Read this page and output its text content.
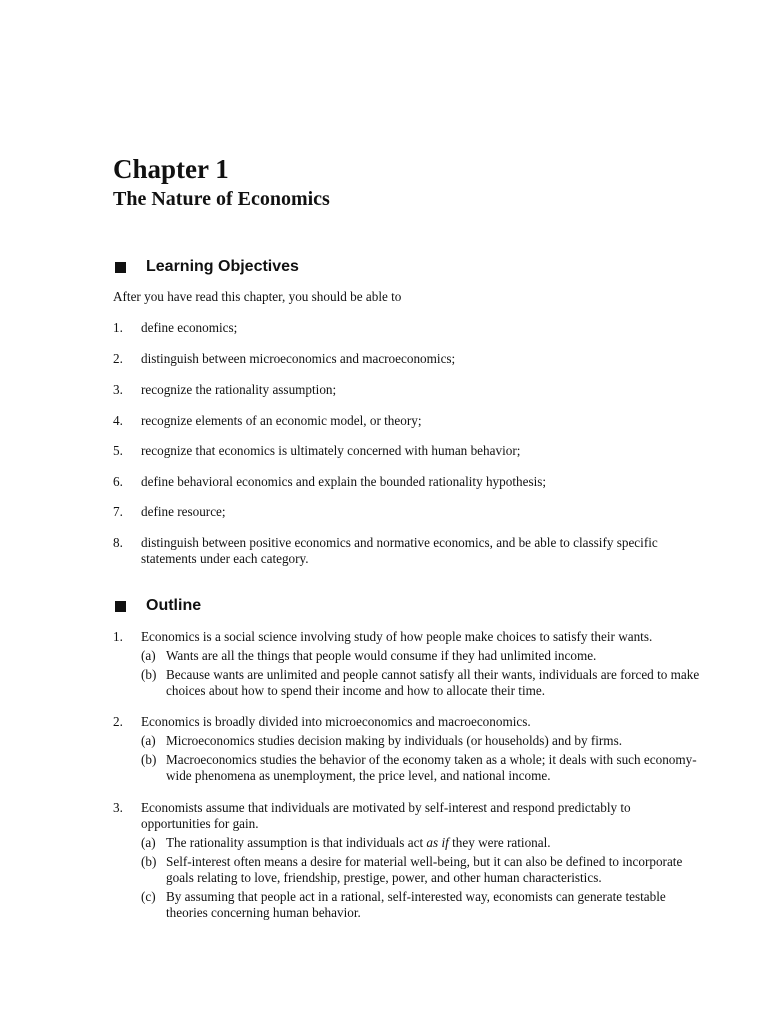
Chapter 1
The Nature of Economics
Learning Objectives

After you have read this chapter, you should be able to

1.	define economics;
2.	distinguish between microeconomics and macroeconomics;
3.	recognize the rationality assumption;
4.	recognize elements of an economic model, or theory;
5.	recognize that economics is ultimately concerned with human behavior;
6.	define behavioral economics and explain the bounded rationality hypothesis;
7.	define resource;
8.	distinguish between positive economics and normative economics, and be able to classify specific statements under each category.
Outline
1.	Economics is a social science involving study of how people make choices to satisfy their wants.
(a) Wants are all the things that people would consume if they had unlimited income.
(b) Because wants are unlimited and people cannot satisfy all their wants, individuals are forced to make choices about how to spend their income and how to allocate their time.
2.	Economics is broadly divided into microeconomics and macroeconomics.
(a) Microeconomics studies decision making by individuals (or households) and by firms.
(b) Macroeconomics studies the behavior of the economy taken as a whole; it deals with such economy-wide phenomena as unemployment, the price level, and national income.
3.	Economists assume that individuals are motivated by self-interest and respond predictably to opportunities for gain.
(a) The rationality assumption is that individuals act as if they were rational.
(b) Self-interest often means a desire for material well-being, but it can also be defined to incorporate goals relating to love, friendship, prestige, power, and other human characteristics.
(c) By assuming that people act in a rational, self-interested way, economists can generate testable theories concerning human behavior.
